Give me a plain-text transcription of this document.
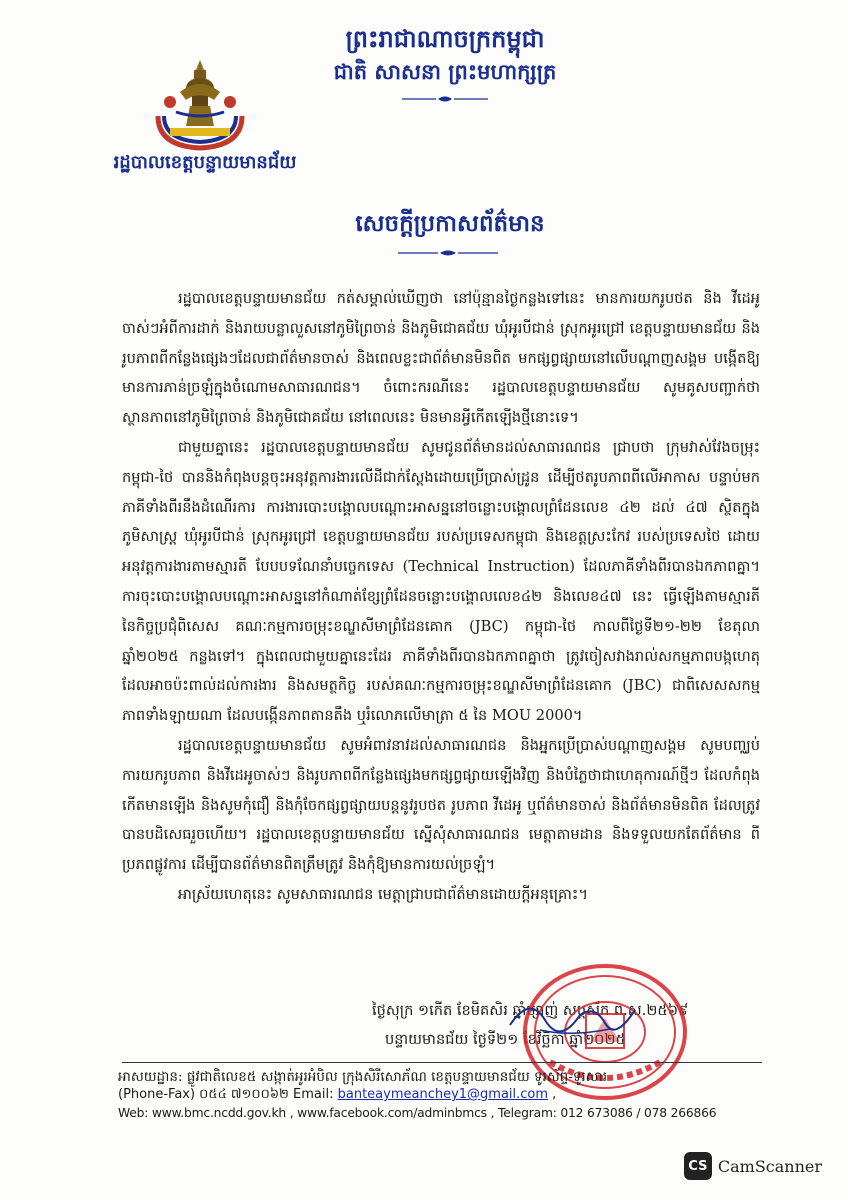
ព្រះរាជាណាចក្រកម្ពុជា
ជាតិ សាសនា ព្រះមហាក្សត្រ
រដ្ឋបាលខេត្តបន្ទាយមានជ័យ
សេចក្ដីប្រកាសព័ត៌មាន

រដ្ឋបាលខេត្តបន្ទាយមានជ័យ កត់សម្គាល់ឃើញថា នៅប៉ុន្មានថ្ងៃកន្លងទៅនេះ មានការយករូបថត និង វីដេអូចាស់ៗអំពីការដាក់ និងរាយបន្លាលួសនៅភូមិព្រៃចាន់ និងភូមិជោគជ័យ ឃុំអូរបីជាន់ ស្រុកអូរជ្រៅ ខេត្តបន្ទាយមានជ័យ និងរូបភាពពីកន្លែងផ្សេងៗដែលជាព័ត៌មានចាស់ និងពេលខ្លះជាព័ត៌មានមិនពិត មកផ្សព្វផ្សាយនៅលើបណ្ដាញសង្គម បង្កើតឱ្យមានការភាន់ច្រឡំក្នុងចំណោមសាធារណជន។ ចំពោះករណីនេះ រដ្ឋបាលខេត្តបន្ទាយមានជ័យ សូមគូសបញ្ជាក់ថា ស្ថានភាពនៅភូមិព្រៃចាន់ និងភូមិជោគជ័យ នៅពេលនេះ មិនមានអ្វីកើតឡើងថ្មីនោះទេ។

ជាមួយគ្នានេះ រដ្ឋបាលខេត្តបន្ទាយមានជ័យ សូមជូនព័ត៌មានដល់សាធារណជន ជ្រាបថា ក្រុមវាស់វែងចម្រុះ កម្ពុជា-ថៃ បាននិងកំពុងបន្តចុះអនុវត្តការងារលើដីជាក់ស្ដែងដោយប្រើប្រាស់ដ្រូន ដើម្បីថតរូបភាពពីលើអាកាស បន្ទាប់មកភាគីទាំងពីរនឹងដំណើរការ ការងារបោះបង្គោលបណ្ដោះអាសន្ននៅចន្លោះបង្គោលព្រំដែនលេខ ៤២ ដល់ ៤៧ ស្ថិតក្នុងភូមិសាស្ត្រ ឃុំអូរបីជាន់ ស្រុកអូរជ្រៅ ខេត្តបន្ទាយមានជ័យ របស់ប្រទេសកម្ពុជា និងខេត្តស្រះកែវ របស់ប្រទេសថៃ ដោយអនុវត្តការងារតាមស្មារតី បែបបទណែនាំបច្ចេកទេស (Technical Instruction) ដែលភាគីទាំងពីរបានឯកភាពគ្នា។ ការចុះបោះបង្គោលបណ្ដោះអាសន្ននៅកំណាត់ខ្សែព្រំដែនចន្លោះបង្គោលលេខ៤២ និងលេខ៤៧ នេះ ធ្វើឡើងតាមស្មារតី នៃកិច្ចប្រជុំពិសេស គណៈកម្មការចម្រុះខណ្ឌសីមាព្រំដែនគោក (JBC) កម្ពុជា-ថៃ កាលពីថ្ងៃទី២១-២២ ខែតុលា ឆ្នាំ២០២៥ កន្លងទៅ។ ក្នុងពេលជាមួយគ្នានេះដែរ ភាគីទាំងពីរបានឯកភាពគ្នាថា ត្រូវចៀសវាងរាល់សកម្មភាពបង្កហេតុ ដែលអាចប៉ះពាល់ដល់ការងារ និងសមត្ថកិច្ច របស់គណៈកម្មការចម្រុះខណ្ឌសីមាព្រំដែនគោក (JBC) ជាពិសេសសកម្មភាពទាំងឡាយណា ដែលបង្កើនភាពតានតឹង ឬរំលោភលើមាត្រា ៥ នៃ MOU 2000។

រដ្ឋបាលខេត្តបន្ទាយមានជ័យ សូមអំពាវនាវដល់សាធារណជន និងអ្នកប្រើប្រាស់បណ្ដាញសង្គម សូមបញ្ឈប់ការយករូបភាព និងវីដេអូចាស់ៗ និងរូបភាពពីកន្លែងផ្សេងមកផ្សព្វផ្សាយឡើងវិញ និងបំភ្លៃថាជាហេតុការណ៍ថ្មីៗ ដែលកំពុងកើតមានឡើង និងសូមកុំជឿ និងកុំចែកផ្សព្វផ្សាយបន្តនូវរូបថត រូបភាព វីដេអូ ឬព័ត៌មានចាស់ និងព័ត៌មានមិនពិត ដែលត្រូវបានបដិសេធរួចហើយ។ រដ្ឋបាលខេត្តបន្ទាយមានជ័យ ស្នើសុំសាធារណជន មេត្តាតាមដាន និងទទួលយកតែព័ត៌មាន ពីប្រភពផ្លូវការ ដើម្បីបានព័ត៌មានពិតត្រឹមត្រូវ និងកុំឱ្យមានការយល់ច្រឡំ។

អាស្រ័យហេតុនេះ សូមសាធារណជន មេត្តាជ្រាបជាព័ត៌មានដោយក្ដីអនុគ្រោះ។

ថ្ងៃសុក្រ ១កើត ខែមិគសិរ ឆ្នាំម្សាញ់ សប្តស័ក ព.ស.២៥៦៩
បន្ទាយមានជ័យ ថ្ងៃទី២១ ខែវិច្ឆិកា ឆ្នាំ២០២៥
អាសយដ្ឋាន: ផ្លូវជាតិលេខ៥ សង្កាត់អូរអំបិល ក្រុងសិរីសោភ័ណ ខេត្តបន្ទាយមានជ័យ ទូរស័ព្ទ-ទូរសារ
(Phone-Fax) ០៥៤ ៧១០០៦២ Email: banteaymeanchey1@gmail.com ,
Web: www.bmc.ncdd.gov.kh , www.facebook.com/adminbmcs , Telegram: 012 673086 / 078 266866
CS CamScanner
